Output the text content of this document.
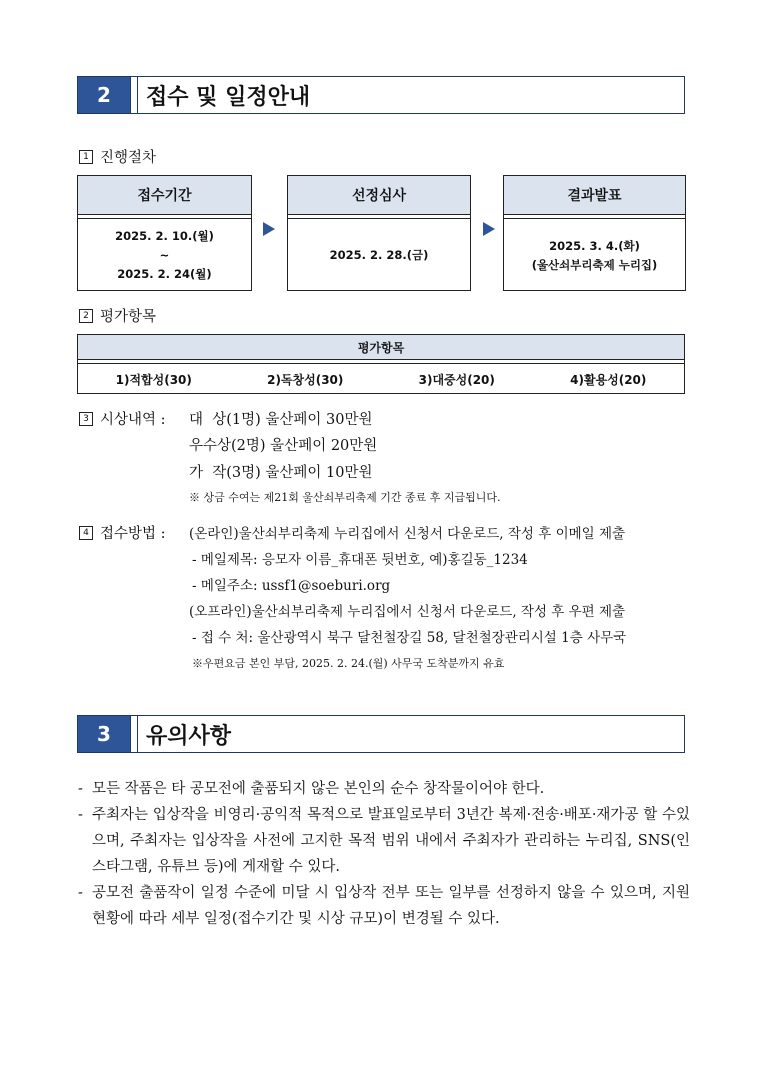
2	접수 및 일정안내
1 진행절차
접수기간
2025. 2. 10.(월)
~
2025. 2. 24(월)
선정심사
2025. 2. 28.(금)
결과발표
2025. 3. 4.(화)
(울산쇠부리축제 누리집)
2 평가항목
평가항목
1)적합성(30)	2)독창성(30)	3)대중성(20)	4)활용성(20)
3 시상내역 : 대  상(1명) 울산페이 30만원
우수상(2명) 울산페이 20만원
가  작(3명) 울산페이 10만원
※ 상금 수여는 제21회 울산쇠부리축제 기간 종료 후 지급됩니다.
4 접수방법 : (온라인)울산쇠부리축제 누리집에서 신청서 다운로드, 작성 후 이메일 제출
- 메일제목: 응모자 이름_휴대폰 뒷번호, 예)홍길동_1234
- 메일주소: ussf1@soeburi.org
(오프라인)울산쇠부리축제 누리집에서 신청서 다운로드, 작성 후 우편 제출
- 접 수 처: 울산광역시 북구 달천철장길 58, 달천철장관리시설 1층 사무국
※우편요금 본인 부담, 2025. 2. 24.(월) 사무국 도착분까지 유효
3	유의사항
- 모든 작품은 타 공모전에 출품되지 않은 본인의 순수 창작물이어야 한다.
- 주최자는 입상작을 비영리·공익적 목적으로 발표일로부터 3년간 복제·전송·배포·재가공 할 수있으며, 주최자는 입상작을 사전에 고지한 목적 범위 내에서 주최자가 관리하는 누리집, SNS(인스타그램, 유튜브 등)에 게재할 수 있다.
- 공모전 출품작이 일정 수준에 미달 시 입상작 전부 또는 일부를 선정하지 않을 수 있으며, 지원 현황에 따라 세부 일정(접수기간 및 시상 규모)이 변경될 수 있다.
